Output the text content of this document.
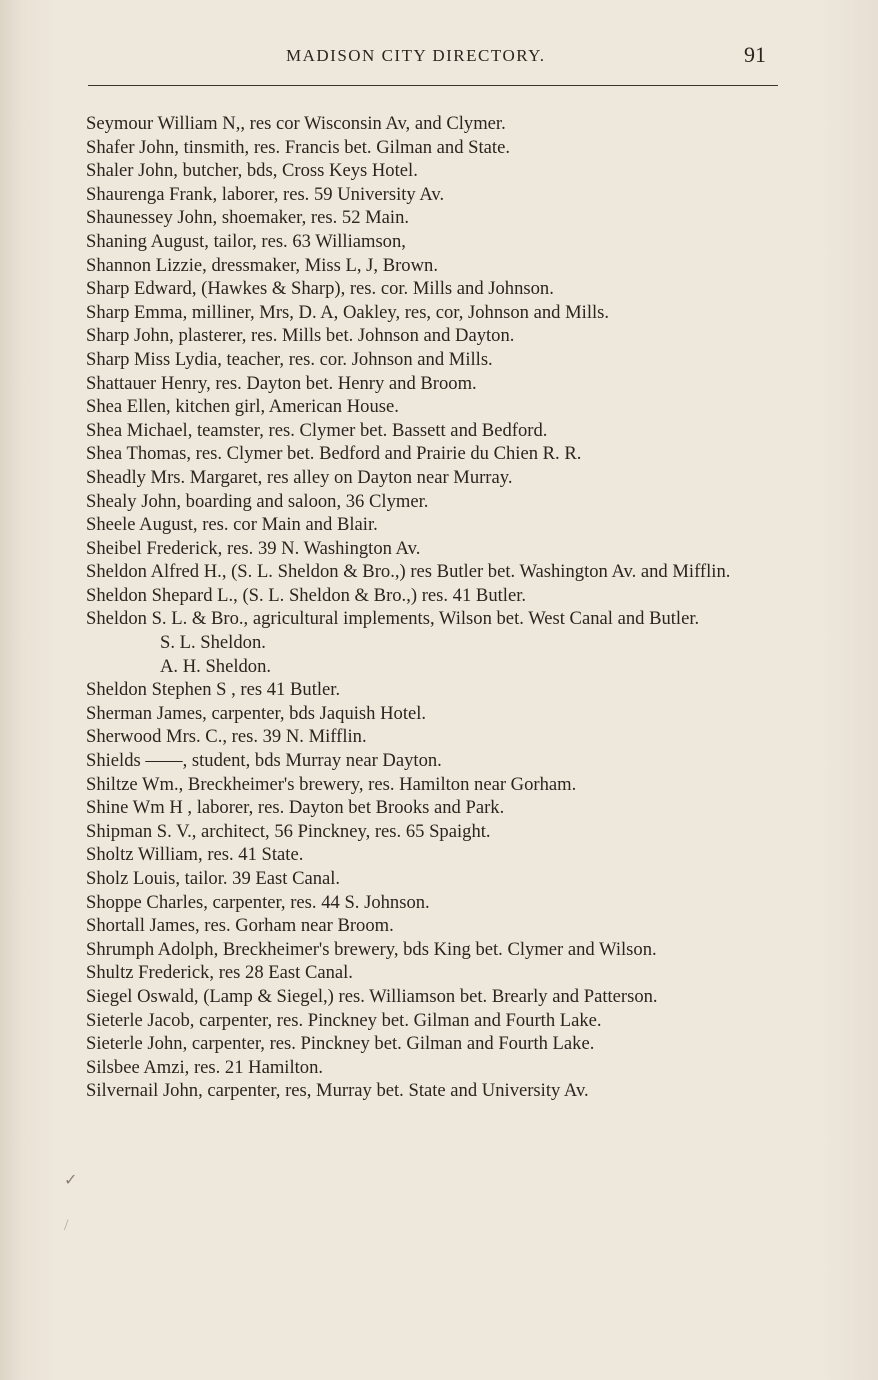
MADISON CITY DIRECTORY.	91
✓
/
Seymour William N,, res cor Wisconsin Av, and Clymer.
Shafer John, tinsmith, res. Francis bet. Gilman and State.
Shaler John, butcher, bds, Cross Keys Hotel.
Shaurenga Frank, laborer, res. 59 University Av.
Shaunessey John, shoemaker, res. 52 Main.
Shaning August, tailor, res. 63 Williamson,
Shannon Lizzie, dressmaker, Miss L, J, Brown.
Sharp Edward, (Hawkes & Sharp), res. cor. Mills and Johnson.
Sharp Emma, milliner, Mrs, D. A, Oakley, res, cor, Johnson and Mills.
Sharp John, plasterer, res. Mills bet. Johnson and Dayton.
Sharp Miss Lydia, teacher, res. cor. Johnson and Mills.
Shattauer Henry, res. Dayton bet. Henry and Broom.
Shea Ellen, kitchen girl, American House.
Shea Michael, teamster, res. Clymer bet. Bassett and Bedford.
Shea Thomas, res. Clymer bet. Bedford and Prairie du Chien R. R.
Sheadly Mrs. Margaret, res alley on Dayton near Murray.
Shealy John, boarding and saloon, 36 Clymer.
Sheele August, res. cor Main and Blair.
Sheibel Frederick, res. 39 N. Washington Av.
Sheldon Alfred H., (S. L. Sheldon & Bro.,) res Butler bet. Washington Av. and Mifflin.
Sheldon Shepard L., (S. L. Sheldon & Bro.,) res. 41 Butler.
Sheldon S. L. & Bro., agricultural implements, Wilson bet. West Canal and Butler.
S. L. Sheldon.
A. H. Sheldon.
Sheldon Stephen S , res 41 Butler.
Sherman James, carpenter, bds Jaquish Hotel.
Sherwood Mrs. C., res. 39 N. Mifflin.
Shields ——, student, bds Murray near Dayton.
Shiltze Wm., Breckheimer's brewery, res. Hamilton near Gorham.
Shine Wm H , laborer, res. Dayton bet Brooks and Park.
Shipman S. V., architect, 56 Pinckney, res. 65 Spaight.
Sholtz William, res. 41 State.
Sholz Louis, tailor. 39 East Canal.
Shoppe Charles, carpenter, res. 44 S. Johnson.
Shortall James, res. Gorham near Broom.
Shrumph Adolph, Breckheimer's brewery, bds King bet. Clymer and Wilson.
Shultz Frederick, res 28 East Canal.
Siegel Oswald, (Lamp & Siegel,) res. Williamson bet. Brearly and Patterson.
Sieterle Jacob, carpenter, res. Pinckney bet. Gilman and Fourth Lake.
Sieterle John, carpenter, res. Pinckney bet. Gilman and Fourth Lake.
Silsbee Amzi, res. 21 Hamilton.
Silvernail John, carpenter, res, Murray bet. State and University Av.
